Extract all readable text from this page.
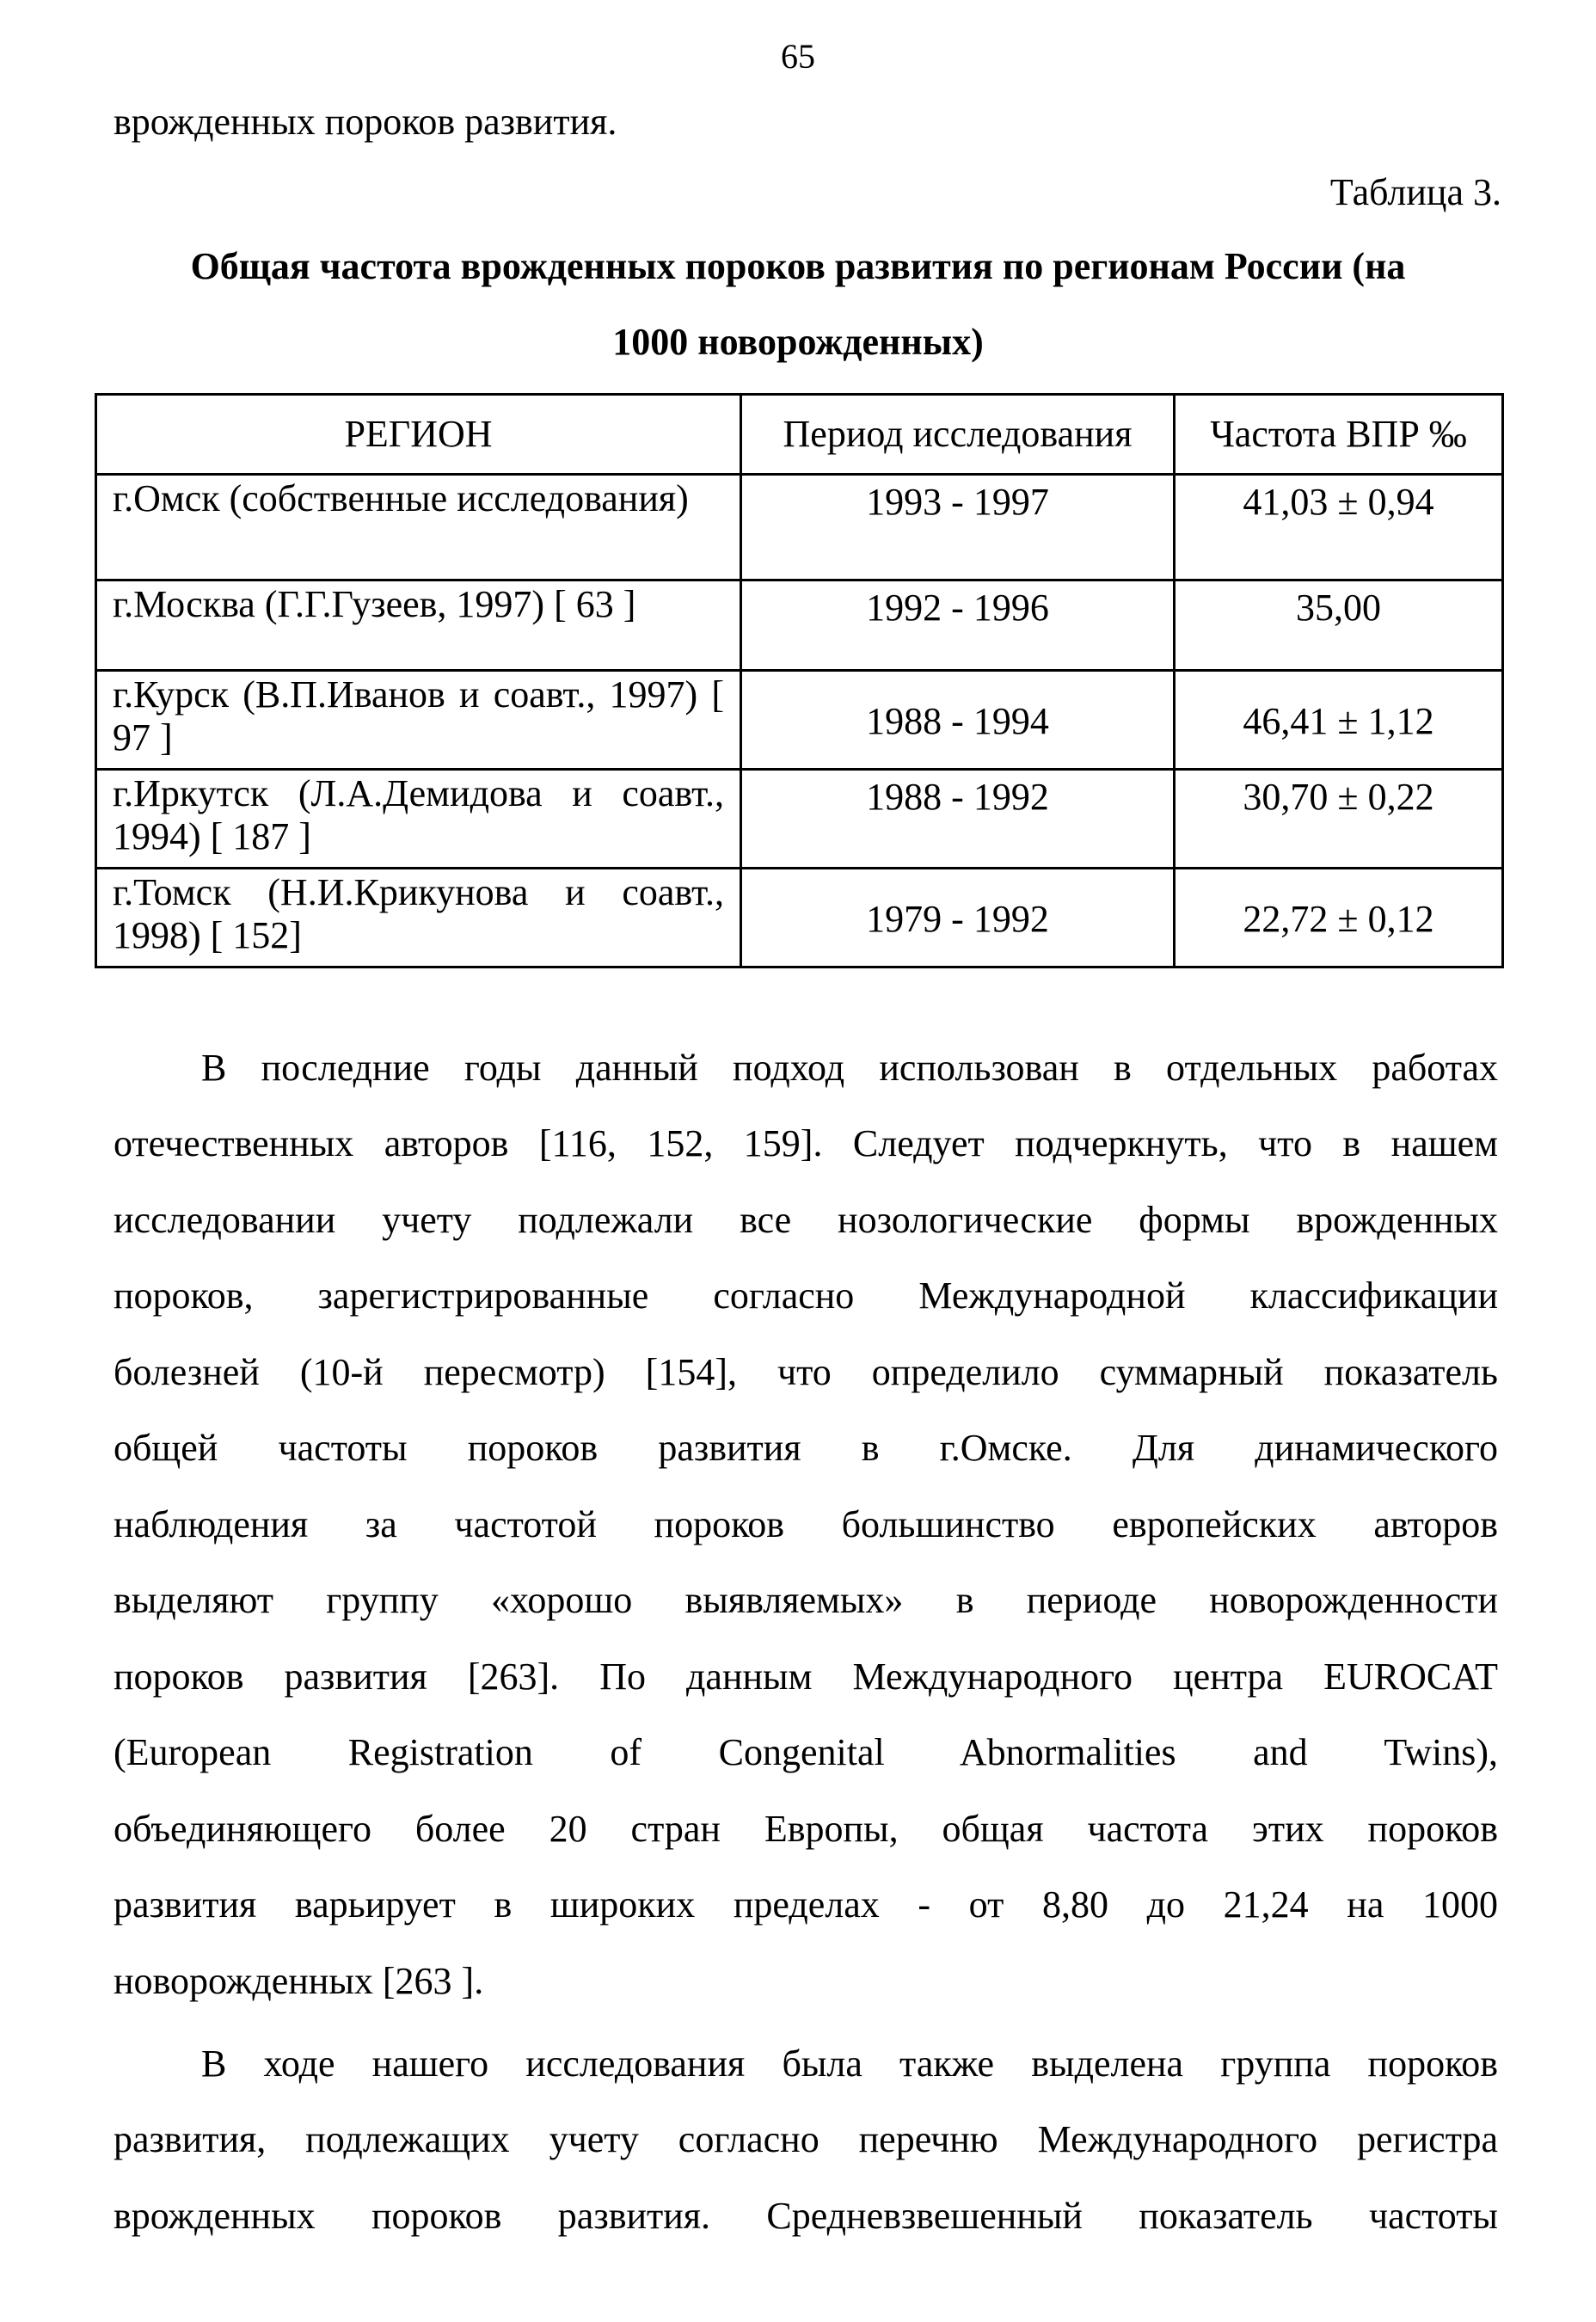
65
врожденных пороков развития.
Таблица 3.
Общая частота врожденных пороков развития по регионам России (на
1000 новорожденных)
РЕГИОН	Период исследования	Частота ВПР ‰
г.Омск (собственные исследования)	1993 - 1997	41,03 ± 0,94
г.Москва (Г.Г.Гузеев, 1997) [ 63 ]	1992 - 1996	35,00
г.Курск (В.П.Иванов и соавт., 1997) [ 97 ]	1988 - 1994	46,41 ± 1,12
г.Иркутск (Л.А.Демидова и соавт., 1994) [ 187 ]	1988 - 1992	30,70 ± 0,22
г.Томск (Н.И.Крикунова и соавт., 1998) [ 152]	1979 - 1992	22,72 ± 0,12
В последние годы данный подход использован в отдельных работах
отечественных авторов [116, 152, 159]. Следует подчеркнуть, что в нашем
исследовании учету подлежали все нозологические формы врожденных
пороков, зарегистрированные согласно Международной классификации
болезней (10-й пересмотр) [154], что определило суммарный показатель
общей частоты пороков развития в г.Омске. Для динамического
наблюдения за частотой пороков большинство европейских авторов
выделяют группу «хорошо выявляемых» в периоде новорожденности
пороков развития [263]. По данным Международного центра EUROCAT
(European Registration of Congenital Abnormalities and Twins),
объединяющего более 20 стран Европы, общая частота этих пороков
развития варьирует в широких пределах - от 8,80 до 21,24 на 1000
новорожденных [263 ].
В ходе нашего исследования была также выделена группа пороков
развития, подлежащих учету согласно перечню Международного регистра
врожденных пороков развития. Средневзвешенный показатель частоты
